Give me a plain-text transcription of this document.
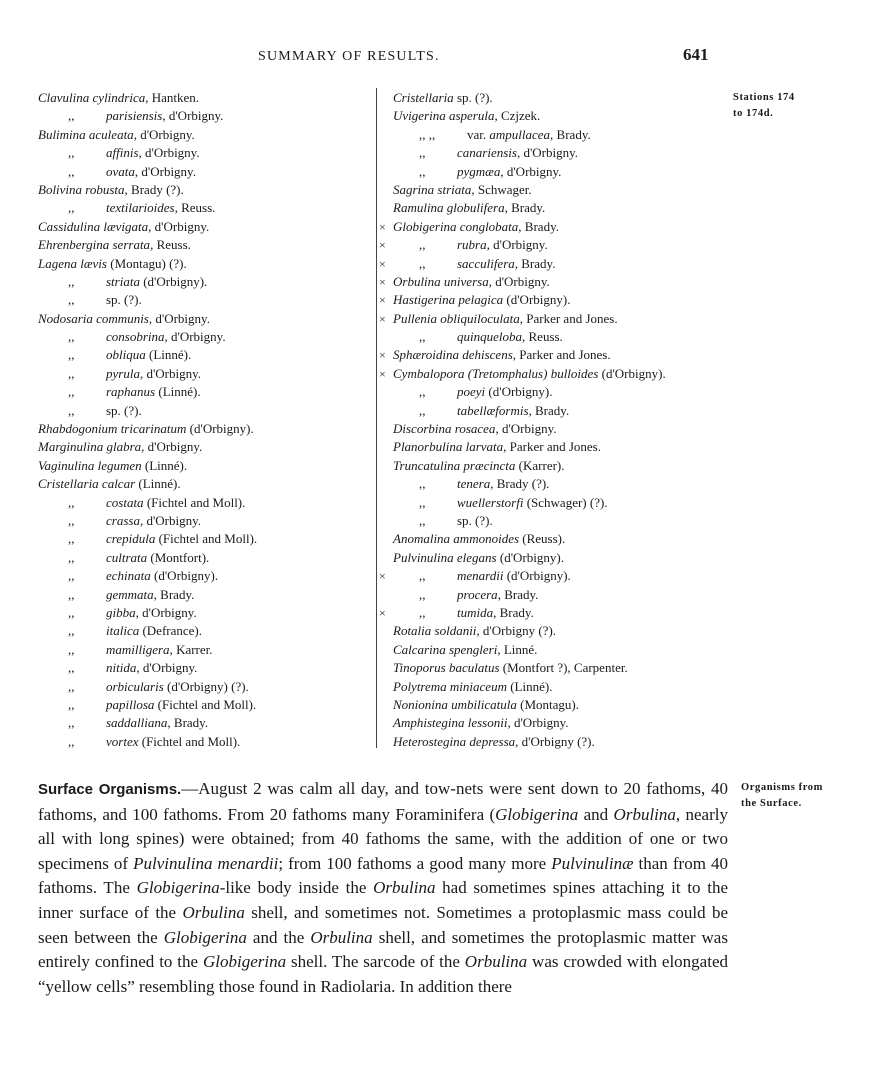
SUMMARY OF RESULTS.	641
Stations 174
to 174d.
Clavulina cylindrica, Hantken.
,, parisiensis, d'Orbigny.
Bulimina aculeata, d'Orbigny.
,, affinis, d'Orbigny.
,, ovata, d'Orbigny.
Bolivina robusta, Brady (?).
,, textilarioides, Reuss.
Cassidulina lævigata, d'Orbigny.
Ehrenbergina serrata, Reuss.
Lagena lævis (Montagu) (?).
,, striata (d'Orbigny).
,, sp. (?).
Nodosaria communis, d'Orbigny.
,, consobrina, d'Orbigny.
,, obliqua (Linné).
,, pyrula, d'Orbigny.
,, raphanus (Linné).
,, sp. (?).
Rhabdogonium tricarinatum (d'Orbigny).
Marginulina glabra, d'Orbigny.
Vaginulina legumen (Linné).
Cristellaria calcar (Linné).
,, costata (Fichtel and Moll).
,, crassa, d'Orbigny.
,, crepidula (Fichtel and Moll).
,, cultrata (Montfort).
,, echinata (d'Orbigny).
,, gemmata, Brady.
,, gibba, d'Orbigny.
,, italica (Defrance).
,, mamilligera, Karrer.
,, nitida, d'Orbigny.
,, orbicularis (d'Orbigny) (?).
,, papillosa (Fichtel and Moll).
,, saddalliana, Brady.
,, vortex (Fichtel and Moll).
Cristellaria sp. (?).
Uvigerina asperula, Czjzek.
,, ,, var. ampullacea, Brady.
,, canariensis, d'Orbigny.
,, pygmæa, d'Orbigny.
Sagrina striata, Schwager.
Ramulina globulifera, Brady.
× Globigerina conglobata, Brady.
×	,, rubra, d'Orbigny.
×	,, sacculifera, Brady.
× Orbulina universa, d'Orbigny.
× Hastigerina pelagica (d'Orbigny).
× Pullenia obliquiloculata, Parker and Jones.
,, quinqueloba, Reuss.
× Sphæroidina dehiscens, Parker and Jones.
× Cymbalopora (Tretomphalus) bulloides (d'Orbigny).
,, poeyi (d'Orbigny).
,, tabellæformis, Brady.
Discorbina rosacea, d'Orbigny.
Planorbulina larvata, Parker and Jones.
Truncatulina præcincta (Karrer).
,, tenera, Brady (?).
,, wuellerstorfi (Schwager) (?).
,, sp. (?).
Anomalina ammonoides (Reuss).
Pulvinulina elegans (d'Orbigny).
×	,, menardii (d'Orbigny).
,, procera, Brady.
×	,, tumida, Brady.
Rotalia soldanii, d'Orbigny (?).
Calcarina spengleri, Linné.
Tinoporus baculatus (Montfort ?), Carpenter.
Polytrema miniaceum (Linné).
Nonionina umbilicatula (Montagu).
Amphistegina lessonii, d'Orbigny.
Heterostegina depressa, d'Orbigny (?).
Organisms from
the Surface.

Surface Organisms.—August 2 was calm all day, and tow-nets were sent down to 20 fathoms, 40 fathoms, and 100 fathoms. From 20 fathoms many Foraminifera (Globigerina and Orbulina, nearly all with long spines) were obtained; from 40 fathoms the same, with the addition of one or two specimens of Pulvinulina menardii; from 100 fathoms a good many more Pulvinulinæ than from 40 fathoms. The Globigerina-like body inside the Orbulina had sometimes spines attaching it to the inner surface of the Orbulina shell, and sometimes not. Sometimes a protoplasmic mass could be seen between the Globigerina and the Orbulina shell, and sometimes the protoplasmic matter was entirely confined to the Globigerina shell. The sarcode of the Orbulina was crowded with elongated “yellow cells” resembling those found in Radiolaria. In addition there
